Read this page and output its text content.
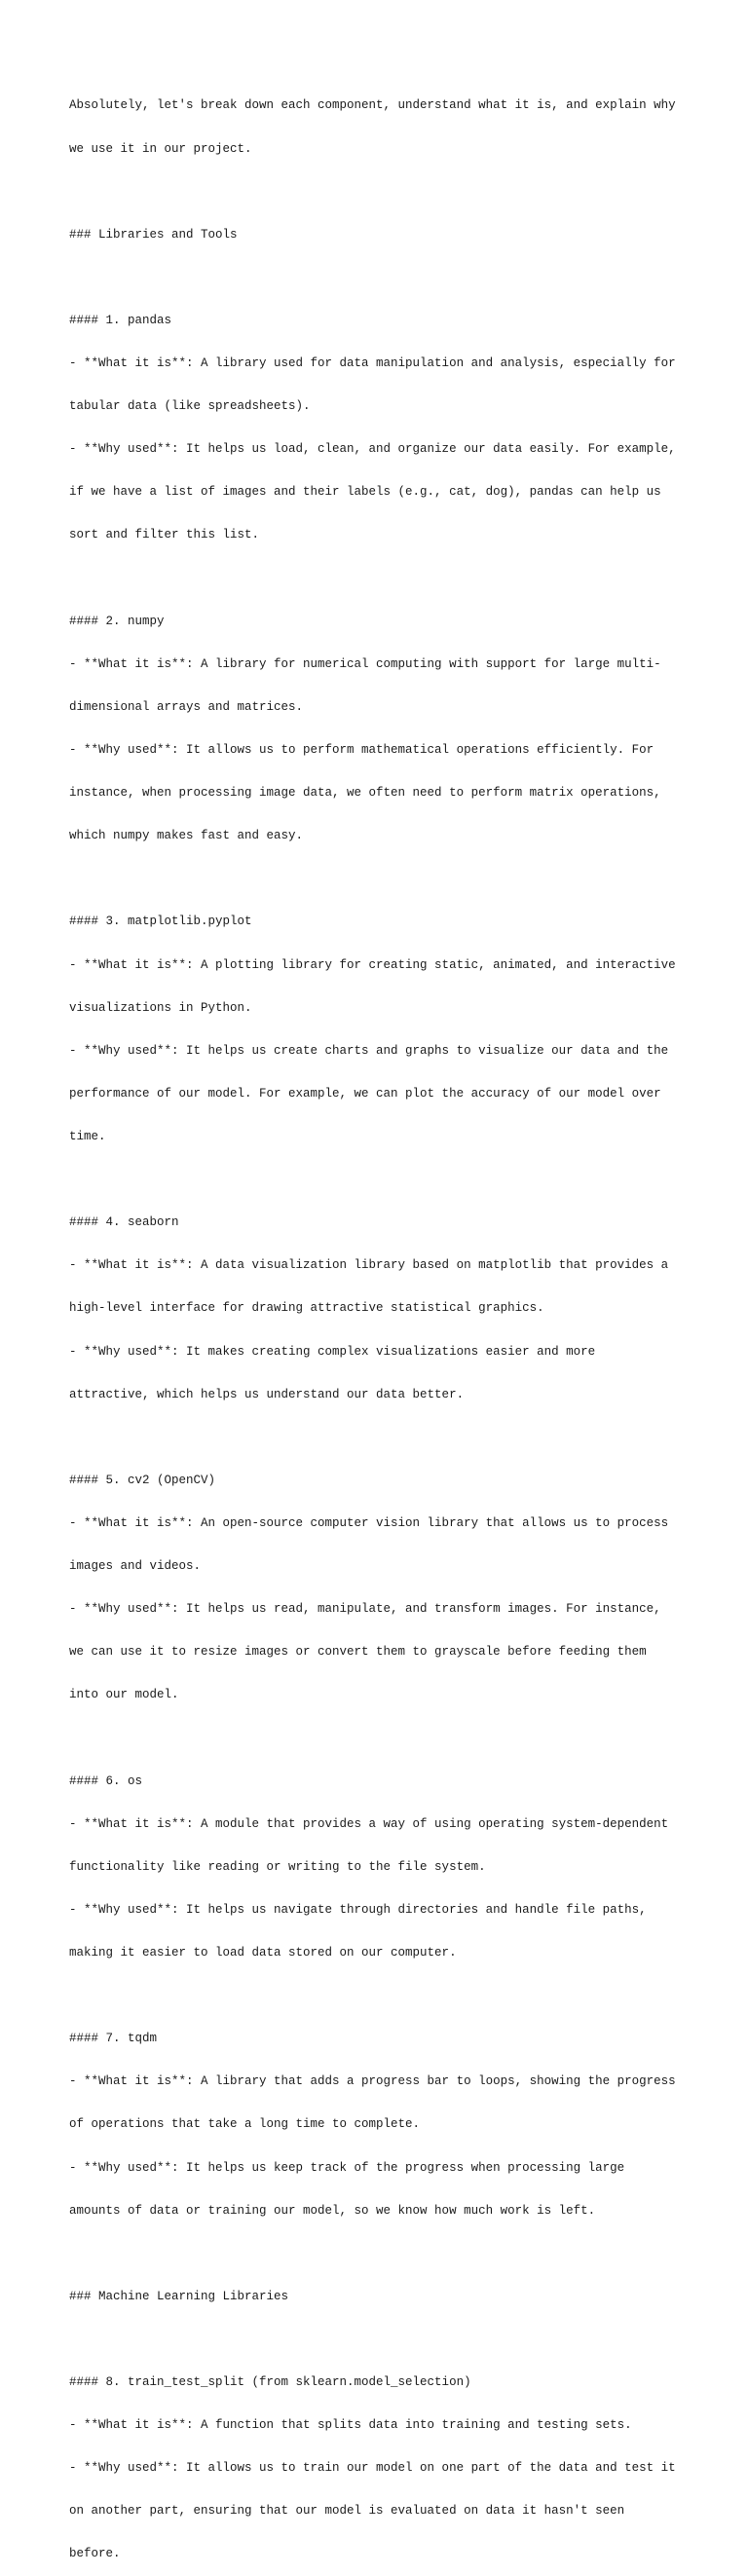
Absolutely, let's break down each component, understand what it is, and explain why

we use it in our project.

### Libraries and Tools

#### 1. pandas

- **What it is**: A library used for data manipulation and analysis, especially for

tabular data (like spreadsheets).

- **Why used**: It helps us load, clean, and organize our data easily. For example,

if we have a list of images and their labels (e.g., cat, dog), pandas can help us

sort and filter this list.

#### 2. numpy

- **What it is**: A library for numerical computing with support for large multi-

dimensional arrays and matrices.

- **Why used**: It allows us to perform mathematical operations efficiently. For

instance, when processing image data, we often need to perform matrix operations,

which numpy makes fast and easy.

#### 3. matplotlib.pyplot

- **What it is**: A plotting library for creating static, animated, and interactive

visualizations in Python.

- **Why used**: It helps us create charts and graphs to visualize our data and the

performance of our model. For example, we can plot the accuracy of our model over

time.

#### 4. seaborn

- **What it is**: A data visualization library based on matplotlib that provides a

high-level interface for drawing attractive statistical graphics.

- **Why used**: It makes creating complex visualizations easier and more

attractive, which helps us understand our data better.

#### 5. cv2 (OpenCV)

- **What it is**: An open-source computer vision library that allows us to process

images and videos.

- **Why used**: It helps us read, manipulate, and transform images. For instance,

we can use it to resize images or convert them to grayscale before feeding them

into our model.

#### 6. os

- **What it is**: A module that provides a way of using operating system-dependent

functionality like reading or writing to the file system.

- **Why used**: It helps us navigate through directories and handle file paths,

making it easier to load data stored on our computer.

#### 7. tqdm

- **What it is**: A library that adds a progress bar to loops, showing the progress

of operations that take a long time to complete.

- **Why used**: It helps us keep track of the progress when processing large

amounts of data or training our model, so we know how much work is left.

### Machine Learning Libraries

#### 8. train_test_split (from sklearn.model_selection)

- **What it is**: A function that splits data into training and testing sets.

- **Why used**: It allows us to train our model on one part of the data and test it

on another part, ensuring that our model is evaluated on data it hasn't seen

before.
